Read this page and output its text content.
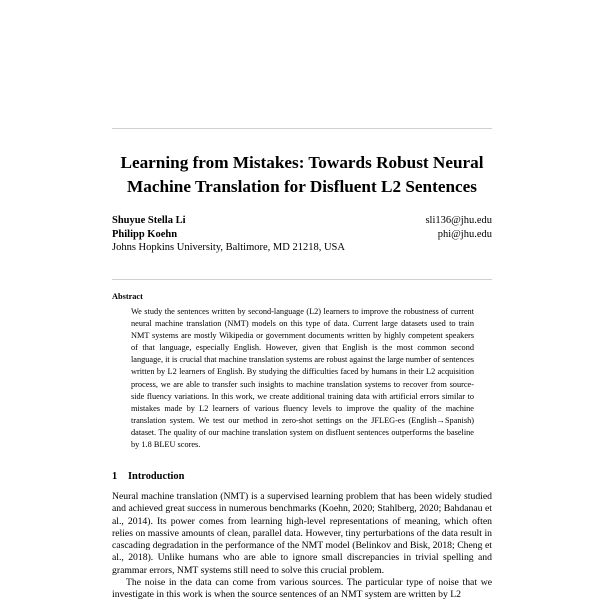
Learning from Mistakes: Towards Robust Neural Machine Translation for Disfluent L2 Sentences
Shuyue Stella Li	sli136@jhu.edu
Philipp Koehn	phi@jhu.edu
Johns Hopkins University, Baltimore, MD 21218, USA
Abstract
We study the sentences written by second-language (L2) learners to improve the robustness of current neural machine translation (NMT) models on this type of data. Current large datasets used to train NMT systems are mostly Wikipedia or government documents written by highly competent speakers of that language, especially English. However, given that English is the most common second language, it is crucial that machine translation systems are robust against the large number of sentences written by L2 learners of English. By studying the difficulties faced by humans in their L2 acquisition process, we are able to transfer such insights to machine translation systems to recover from source-side fluency variations. In this work, we create additional training data with artificial errors similar to mistakes made by L2 learners of various fluency levels to improve the quality of the machine translation system. We test our method in zero-shot settings on the JFLEG-es (English→Spanish) dataset. The quality of our machine translation system on disfluent sentences outperforms the baseline by 1.8 BLEU scores.
1 Introduction

Neural machine translation (NMT) is a supervised learning problem that has been widely studied and achieved great success in numerous benchmarks (Koehn, 2020; Stahlberg, 2020; Bahdanau et al., 2014). Its power comes from learning high-level representations of meaning, which often relies on massive amounts of clean, parallel data. However, tiny perturbations of the data result in cascading degradation in the performance of the NMT model (Belinkov and Bisk, 2018; Cheng et al., 2018). Unlike humans who are able to ignore small discrepancies in trivial spelling and grammar errors, NMT systems still need to solve this crucial problem.

The noise in the data can come from various sources. The particular type of noise that we investigate in this work is when the source sentences of an NMT system are written by L2
